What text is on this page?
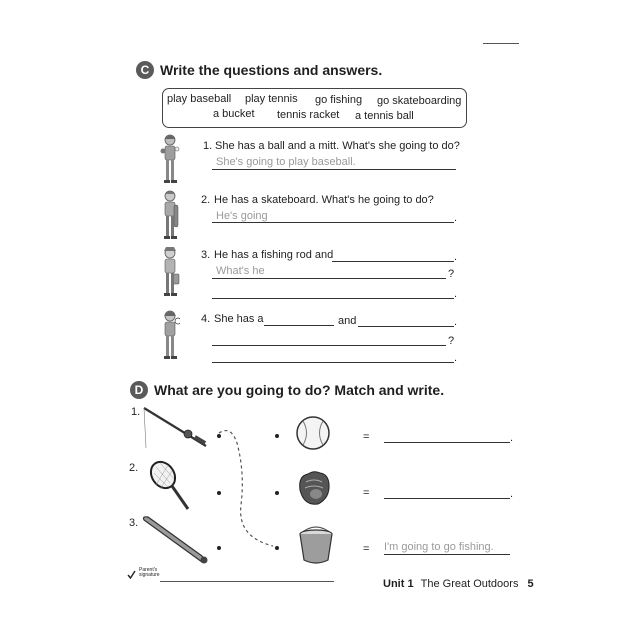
C Write the questions and answers.
play baseball play tennis go fishing go skateboarding
a bucket tennis racket a tennis ball
1. She has a ball and a mitt. What's she going to do?
She's going to play baseball.
2. He has a skateboard. What's he going to do?
He's going	.
3. He has a fishing rod and	.
What's he	?
.
4. She has a	and	.
?
.
D What are you going to do? Match and write.
1.
2.
3.
=
=
=
.
.
I'm going to go fishing.
Parent's
signature
Unit 1 The Great Outdoors 5
